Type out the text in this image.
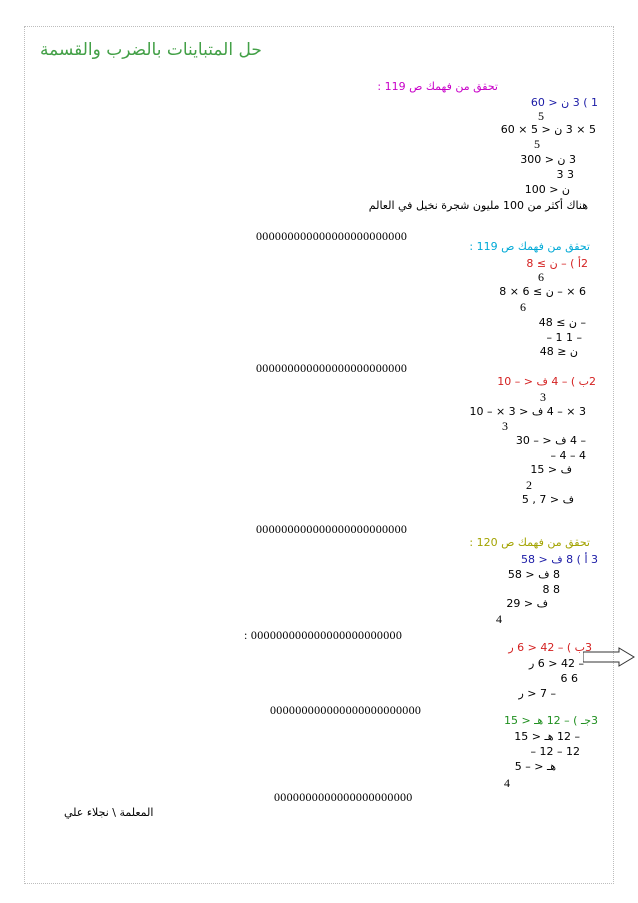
حل المتباينات بالضرب والقسمة
تحقق من فهمك ص 119 :
1 ) 3 ن < 60
5
5 × 3 ن < 5 × 60
5
3 ن < 300
3 3
ن < 100
هناك أكثر من 100 مليون شجرة نخيل في العالم
000000000000000000000000
تحقق من فهمك ص 119 :
2أ ) – ن ≥ 8
6
6 × – ن ≥ 6 × 8
6
– ن ≥ 48
– 1 1 –
ن ≤ 48
000000000000000000000000
2ب ) – 4 ف < – 10
3
3 × – 4 ف < 3 × – 10
3
– 4 ف < – 30
– 4 – 4
ف < 15
2
ف < 7 , 5
000000000000000000000000
تحقق من فهمك ص 120 :
3 أ ) 8 ف < 58
8 ف < 58
8 8
ف < 29
4
: 000000000000000000000000
3ب ) – 42 < 6 ر
– 42 < 6 ر
6 6
– 7 < ر
000000000000000000000000
3جـ ) – 12 هـ < 15
– 12 هـ < 15
– 12 – 12
هـ < – 5
4
0000000000000000000000
المعلمة \ نجلاء علي
